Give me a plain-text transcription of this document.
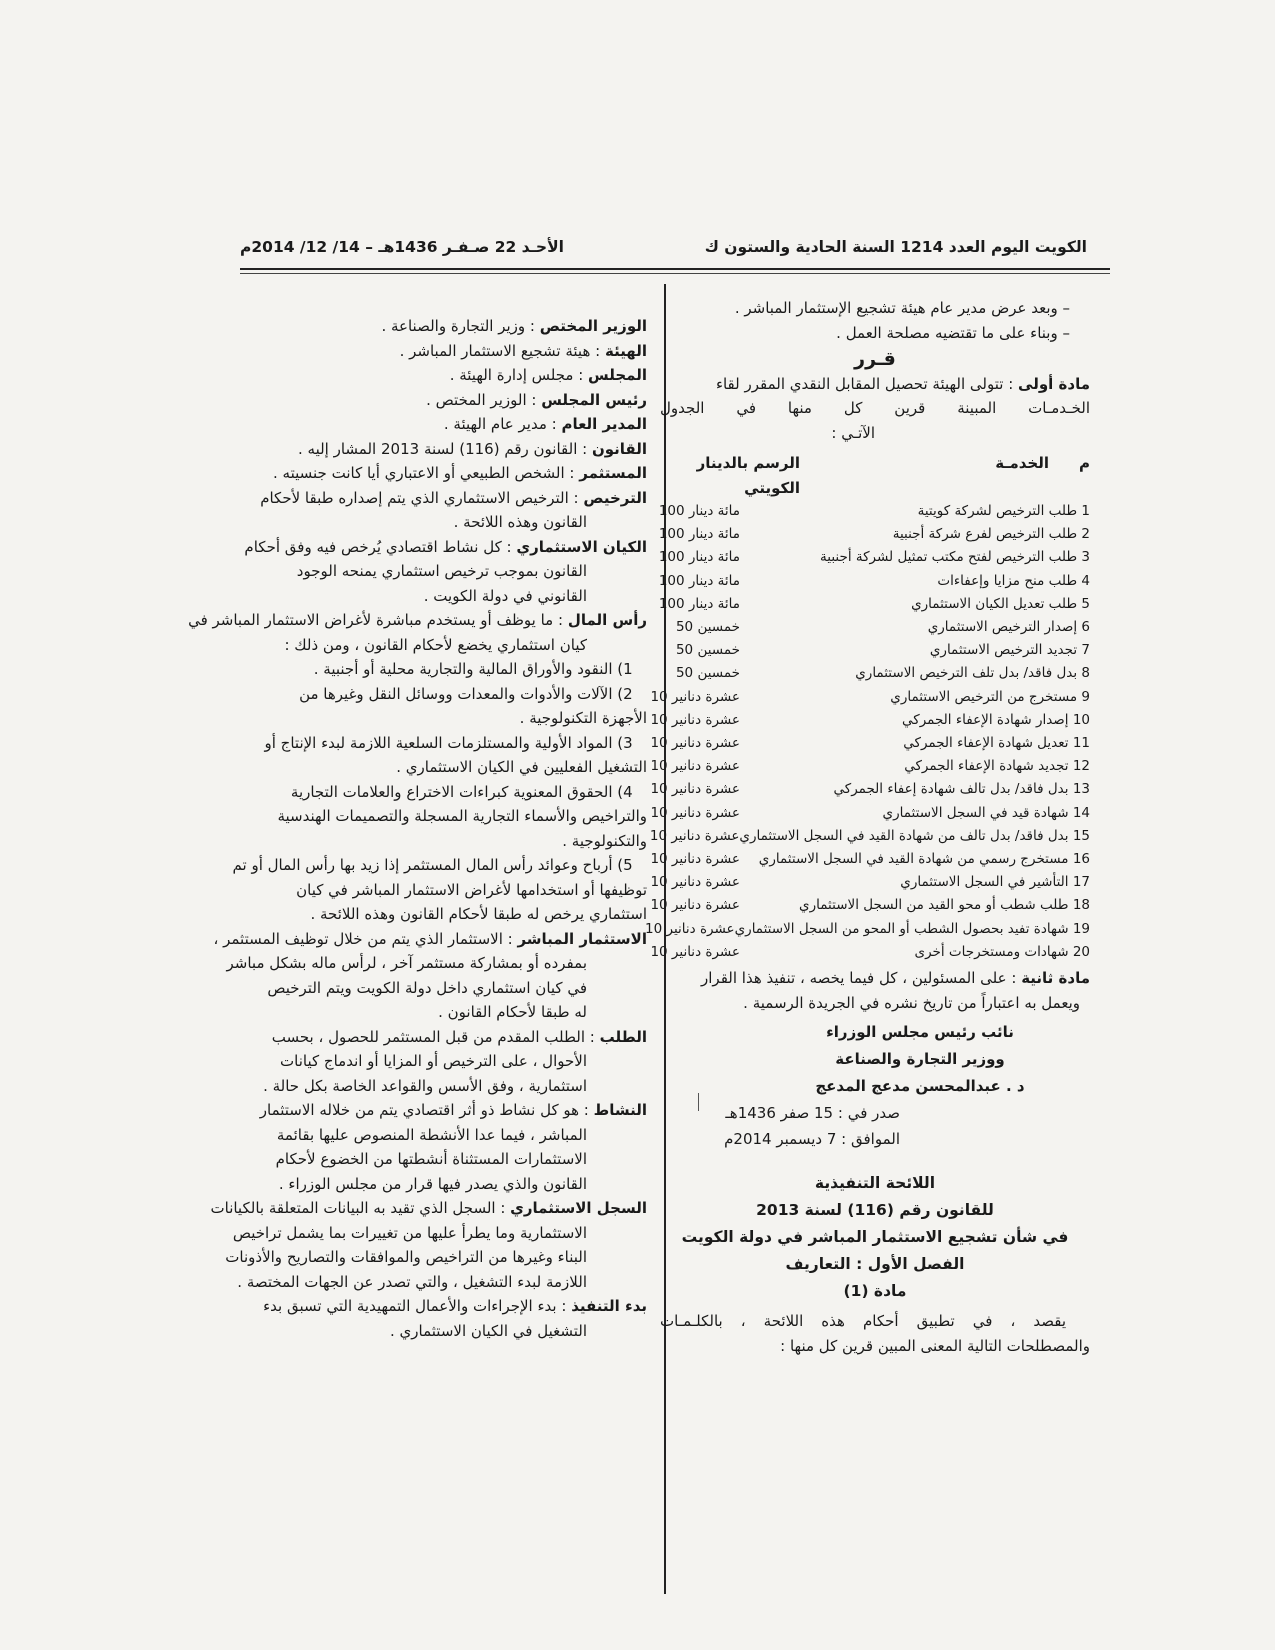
الكويت اليوم العدد 1214 السنة الحادية والستون ك
الأحـد 22 صـفـر 1436هـ – 14/ 12/ 2014م
– وبعد عرض مدير عام هيئة تشجيع الإستثمار المباشر .
– وبناء على ما تقتضيه مصلحة العمل .
قـرر
مادة أولى : تتولى الهيئة تحصيل المقابل النقدي المقرر لقاء
الخـدمـات المبينة قرين كل منها في الجدول
الآتـي :
م
الخدمـة
الرسم بالدينار الكويتي
1 طلب الترخيص لشركة كويتية
مائة دينار 100
2 طلب الترخيص لفرع شركة أجنبية
مائة دينار 100
3 طلب الترخيص لفتح مكتب تمثيل لشركة أجنبية
مائة دينار 100
4 طلب منح مزايا وإعفاءات
مائة دينار 100
5 طلب تعديل الكيان الاستثماري
مائة دينار 100
6 إصدار الترخيص الاستثماري
خمسين 50
7 تجديد الترخيص الاستثماري
خمسين 50
8 بدل فاقد/ بدل تلف الترخيص الاستثماري
خمسين 50
9 مستخرج من الترخيص الاستثماري
عشرة دنانير 10
10 إصدار شهادة الإعفاء الجمركي
عشرة دنانير 10
11 تعديل شهادة الإعفاء الجمركي
عشرة دنانير 10
12 تجديد شهادة الإعفاء الجمركي
عشرة دنانير 10
13 بدل فاقد/ بدل تالف شهادة إعفاء الجمركي
عشرة دنانير 10
14 شهادة قيد في السجل الاستثماري
عشرة دنانير 10
15 بدل فاقد/ بدل تالف من شهادة القيد في السجل الاستثماري
عشرة دنانير 10
16 مستخرج رسمي من شهادة القيد في السجل الاستثماري
عشرة دنانير 10
17 التأشير في السجل الاستثماري
عشرة دنانير 10
18 طلب شطب أو محو القيد من السجل الاستثماري
عشرة دنانير 10
19 شهادة تفيد بحصول الشطب أو المحو من السجل الاستثماري
عشرة دنانير 10
20 شهادات ومستخرجات أخرى
عشرة دنانير 10
مادة ثانية : على المسئولين ، كل فيما يخصه ، تنفيذ هذا القرار
ويعمل به اعتباراً من تاريخ نشره في الجريدة الرسمية .
نائب رئيس مجلس الوزراء
ووزير التجارة والصناعة
د . عبدالمحسن مدعج المدعج
صدر في : 15 صفر 1436هـ
الموافق : 7 ديسمبر 2014م
اللائحة التنفيذية
للقانون رقم (116) لسنة 2013
في شأن تشجيع الاستثمار المباشر في دولة الكويت
الفصل الأول : التعاريف
مادة (1)
يقصد ، في تطبيق أحكام هذه اللائحة ، بالكلـمـات
والمصطلحات التالية المعنى المبين قرين كل منها :
الوزير المختص : وزير التجارة والصناعة .
الهيئة : هيئة تشجيع الاستثمار المباشر .
المجلس : مجلس إدارة الهيئة .
رئيس المجلس : الوزير المختص .
المدير العام : مدير عام الهيئة .
القانون : القانون رقم (116) لسنة 2013 المشار إليه .
المستثمر : الشخص الطبيعي أو الاعتباري أيا كانت جنسيته .
الترخيص : الترخيص الاستثماري الذي يتم إصداره طبقا لأحكام
القانون وهذه اللائحة .
الكيان الاستثماري : كل نشاط اقتصادي يُرخص فيه وفق أحكام
القانون بموجب ترخيص استثماري يمنحه الوجود
القانوني في دولة الكويت .
رأس المال : ما يوظف أو يستخدم مباشرة لأغراض الاستثمار المباشر في
كيان استثماري يخضع لأحكام القانون ، ومن ذلك :
1) النقود والأوراق المالية والتجارية محلية أو أجنبية .
2) الآلات والأدوات والمعدات ووسائل النقل وغيرها من
الأجهزة التكنولوجية .
3) المواد الأولية والمستلزمات السلعية اللازمة لبدء الإنتاج أو
التشغيل الفعليين في الكيان الاستثماري .
4) الحقوق المعنوية كبراءات الاختراع والعلامات التجارية
والتراخيص والأسماء التجارية المسجلة والتصميمات الهندسية
والتكنولوجية .
5) أرباح وعوائد رأس المال المستثمر إذا زيد بها رأس المال أو تم
توظيفها أو استخدامها لأغراض الاستثمار المباشر في كيان
استثماري يرخص له طبقا لأحكام القانون وهذه اللائحة .
الاستثمار المباشر : الاستثمار الذي يتم من خلال توظيف المستثمر ،
بمفرده أو بمشاركة مستثمر آخر ، لرأس ماله بشكل مباشر
في كيان استثماري داخل دولة الكويت ويتم الترخيص
له طبقا لأحكام القانون .
الطلب : الطلب المقدم من قبل المستثمر للحصول ، بحسب
الأحوال ، على الترخيص أو المزايا أو اندماج كيانات
استثمارية ، وفق الأسس والقواعد الخاصة بكل حالة .
النشاط : هو كل نشاط ذو أثر اقتصادي يتم من خلاله الاستثمار
المباشر ، فيما عدا الأنشطة المنصوص عليها بقائمة
الاستثمارات المستثناة أنشطتها من الخضوع لأحكام
القانون والذي يصدر فيها قرار من مجلس الوزراء .
السجل الاستثماري : السجل الذي تقيد به البيانات المتعلقة بالكيانات
الاستثمارية وما يطرأ عليها من تغييرات بما يشمل تراخيص
البناء وغيرها من التراخيص والموافقات والتصاريح والأذونات
اللازمة لبدء التشغيل ، والتي تصدر عن الجهات المختصة .
بدء التنفيذ : بدء الإجراءات والأعمال التمهيدية التي تسبق بدء
التشغيل في الكيان الاستثماري .
